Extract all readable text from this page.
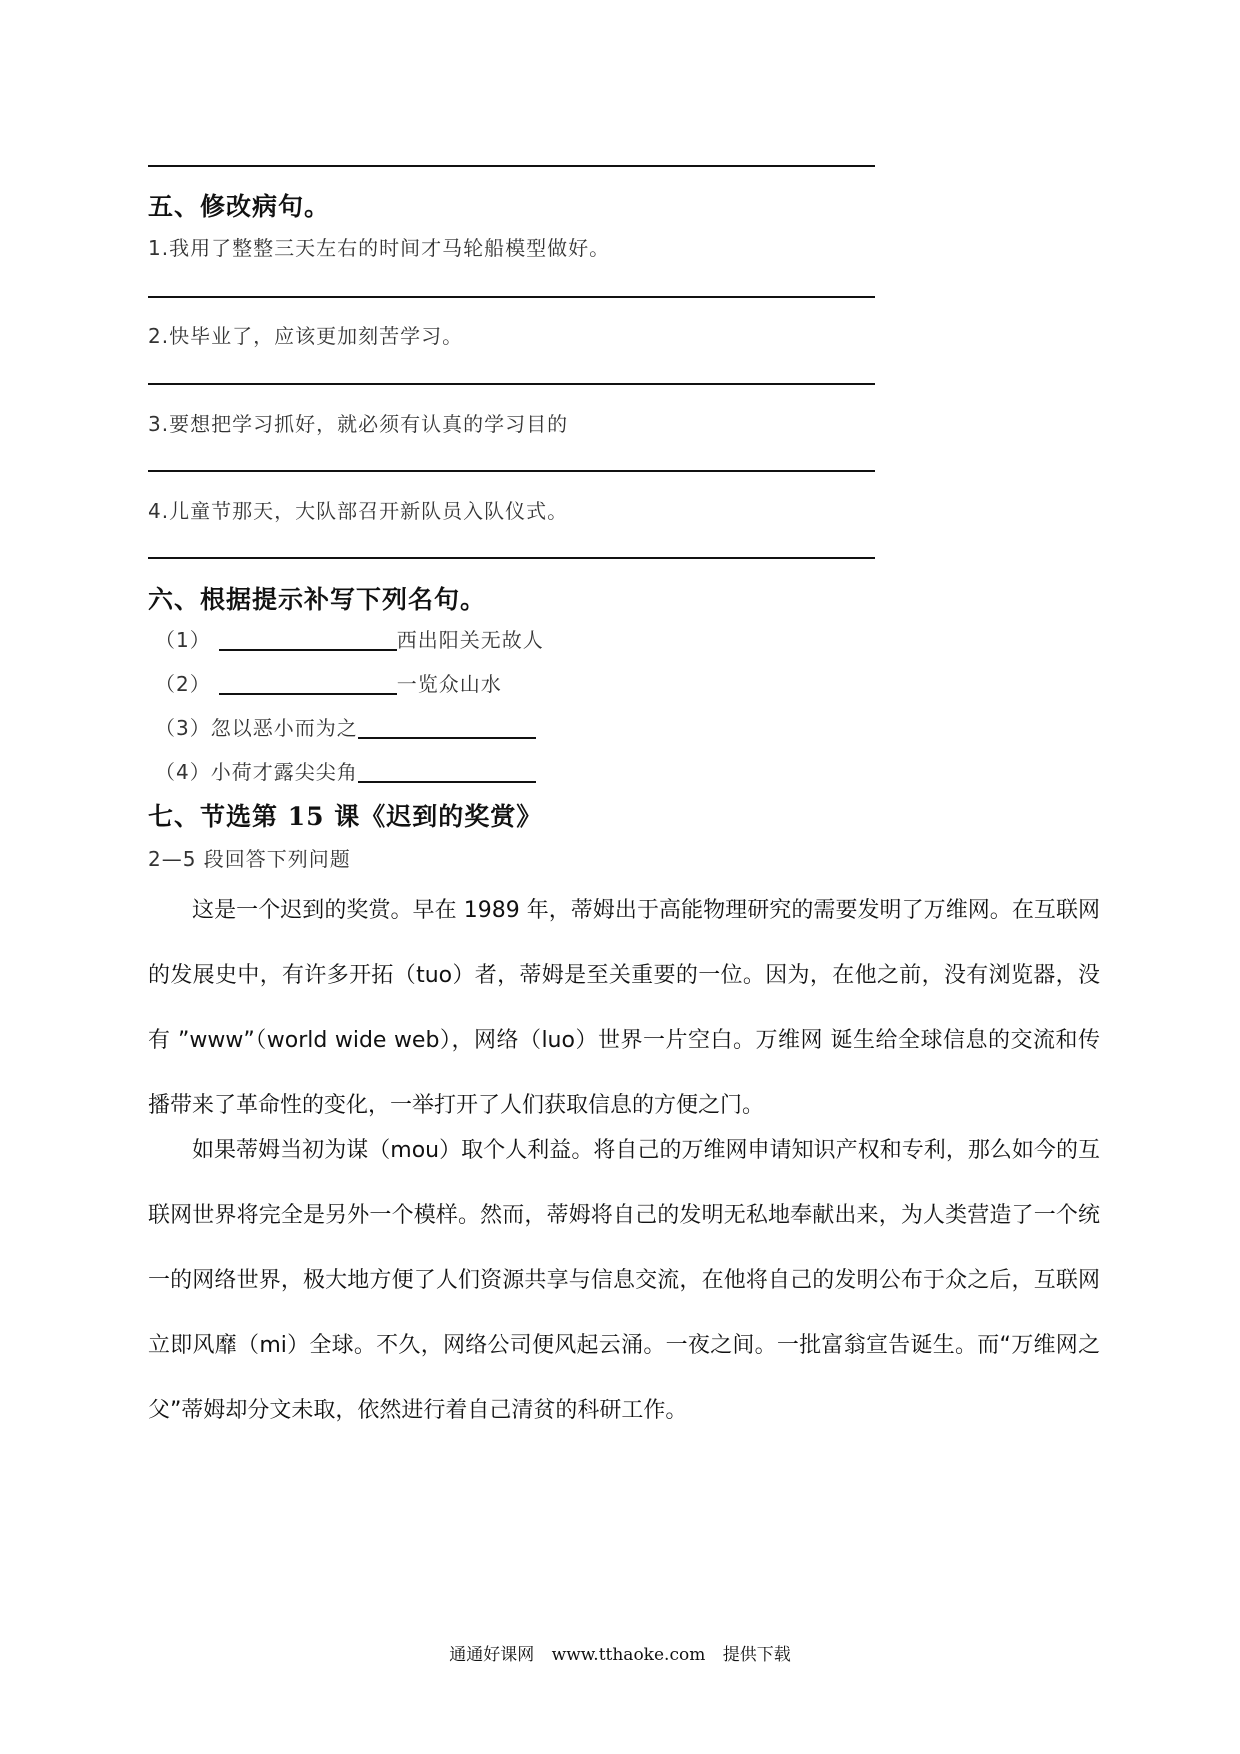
五、修改病句。
1.我用了整整三天左右的时间才马轮船模型做好。
2.快毕业了，应该更加刻苦学习。
3.要想把学习抓好，就必须有认真的学习目的
4.儿童节那天，大队部召开新队员入队仪式。
六、根据提示补写下列名句。
（1）	西出阳关无故人
（2）	一览众山水
（3）忽以恶小而为之
（4）小荷才露尖尖角
七、节选第 15 课《迟到的奖赏》
2—5 段回答下列问题

这是一个迟到的奖赏。早在 1989 年，蒂姆出于高能物理研究的需要发明了万维网。在互联网的发展史中，有许多开拓（tuo）者，蒂姆是至关重要的一位。因为，在他之前，没有浏览器，没有 ”www”（world wide web），网络（luo）世界一片空白。万维网 诞生给全球信息的交流和传播带来了革命性的变化，一举打开了人们获取信息的方便之门。

如果蒂姆当初为谋（mou）取个人利益。将自己的万维网申请知识产权和专利，那么如今的互联网世界将完全是另外一个模样。然而，蒂姆将自己的发明无私地奉献出来，为人类营造了一个统一的网络世界，极大地方便了人们资源共享与信息交流，在他将自己的发明公布于众之后，互联网立即风靡（mi）全球。不久，网络公司便风起云涌。一夜之间。一批富翁宣告诞生。而“万维网之父”蒂姆却分文未取，依然进行着自己清贫的科研工作。

通通好课网 www.tthaoke.com 提供下载
